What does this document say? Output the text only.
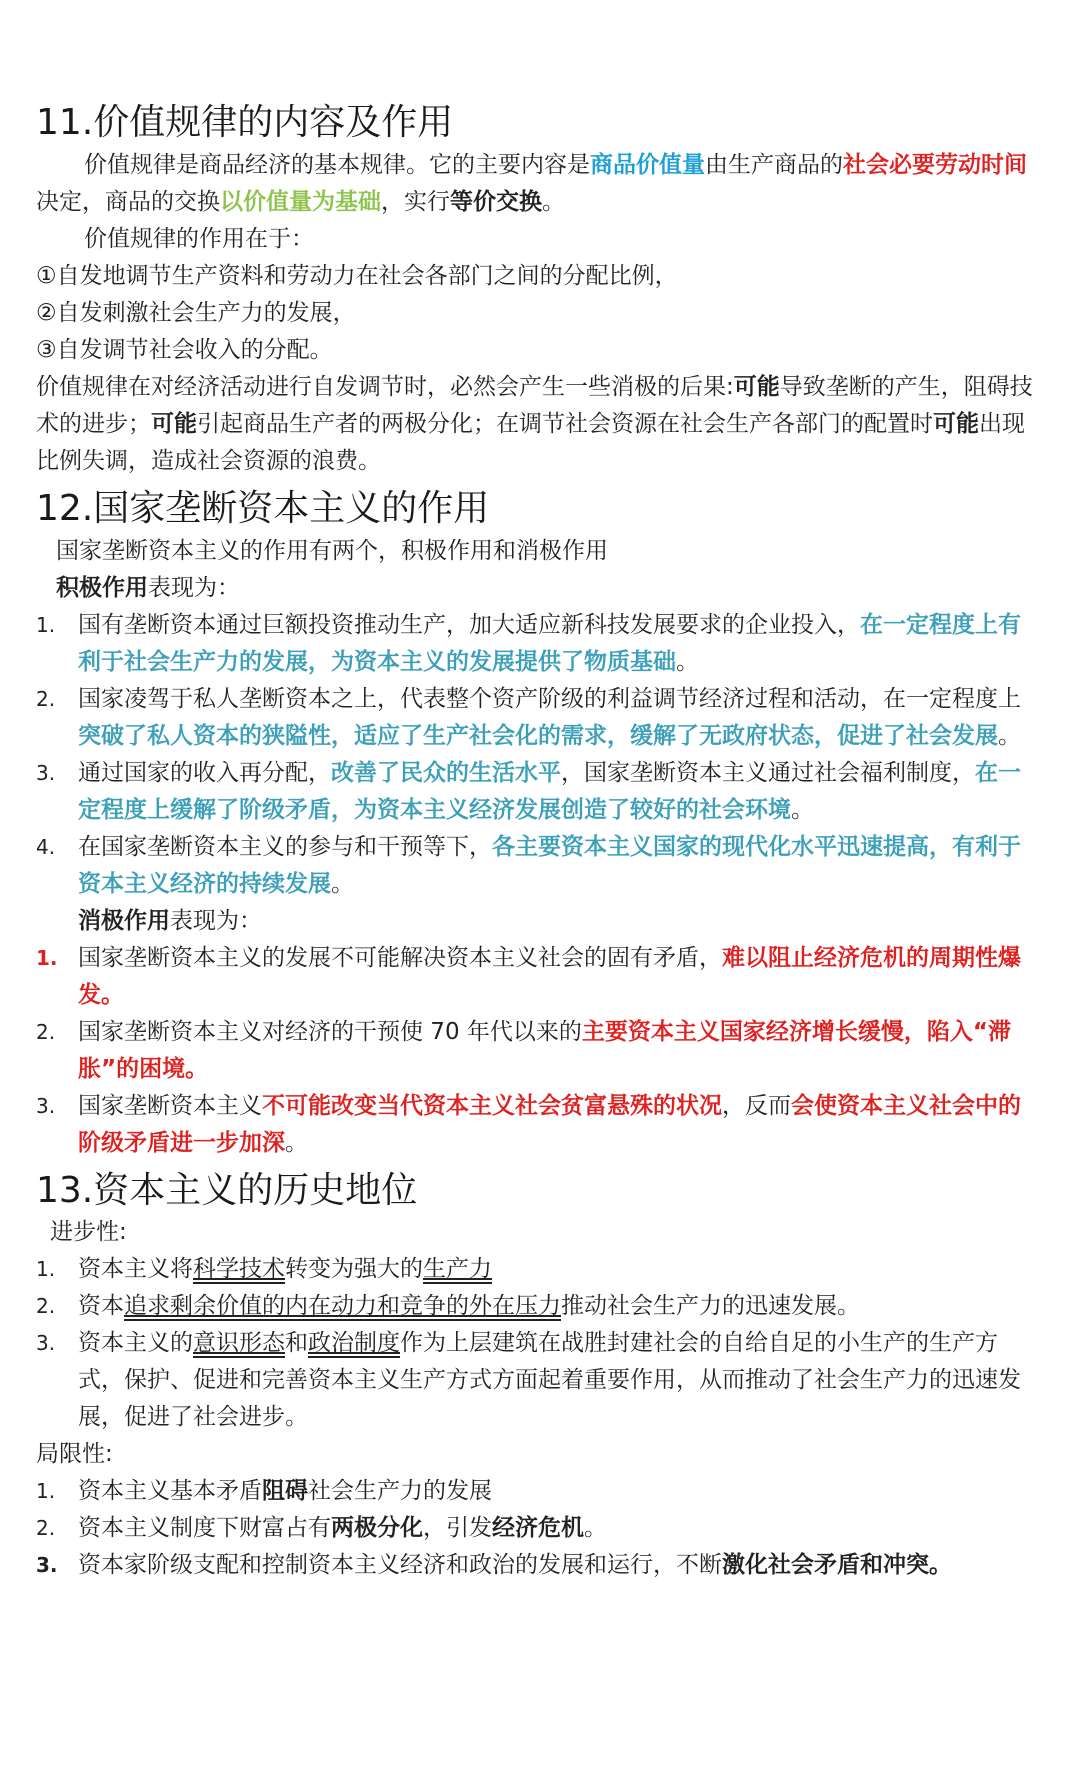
11.价值规律的内容及作用

价值规律是商品经济的基本规律。它的主要内容是商品价值量由生产商品的社会必要劳动时间决定，商品的交换以价值量为基础，实行等价交换。

价值规律的作用在于：

①自发地调节生产资料和劳动力在社会各部门之间的分配比例，

②自发刺激社会生产力的发展，

③自发调节社会收入的分配。

价值规律在对经济活动进行自发调节时，必然会产生一些消极的后果:可能导致垄断的产生，阻碍技术的进步；可能引起商品生产者的两极分化；在调节社会资源在社会生产各部门的配置时可能出现比例失调，造成社会资源的浪费。

12.国家垄断资本主义的作用

国家垄断资本主义的作用有两个，积极作用和消极作用

积极作用表现为：

1. 国有垄断资本通过巨额投资推动生产，加大适应新科技发展要求的企业投入，在一定程度上有利于社会生产力的发展，为资本主义的发展提供了物质基础。
2. 国家凌驾于私人垄断资本之上，代表整个资产阶级的利益调节经济过程和活动，在一定程度上突破了私人资本的狭隘性，适应了生产社会化的需求，缓解了无政府状态，促进了社会发展。
3. 通过国家的收入再分配，改善了民众的生活水平，国家垄断资本主义通过社会福利制度，在一定程度上缓解了阶级矛盾，为资本主义经济发展创造了较好的社会环境。
4. 在国家垄断资本主义的参与和干预等下，各主要资本主义国家的现代化水平迅速提高，有利于资本主义经济的持续发展。

消极作用表现为：

1. 国家垄断资本主义的发展不可能解决资本主义社会的固有矛盾，难以阻止经济危机的周期性爆发。
2. 国家垄断资本主义对经济的干预使 70 年代以来的主要资本主义国家经济增长缓慢，陷入“滞胀”的困境。
3. 国家垄断资本主义不可能改变当代资本主义社会贫富悬殊的状况，反而会使资本主义社会中的阶级矛盾进一步加深。
13.资本主义的历史地位

进步性:

1. 资本主义将科学技术转变为强大的生产力
2. 资本追求剩余价值的内在动力和竞争的外在压力推动社会生产力的迅速发展。
3. 资本主义的意识形态和政治制度作为上层建筑在战胜封建社会的自给自足的小生产的生产方式，保护、促进和完善资本主义生产方式方面起着重要作用，从而推动了社会生产力的迅速发展，促进了社会进步。

局限性:

1. 资本主义基本矛盾阻碍社会生产力的发展
2. 资本主义制度下财富占有两极分化，引发经济危机。
3. 资本家阶级支配和控制资本主义经济和政治的发展和运行，不断激化社会矛盾和冲突。
